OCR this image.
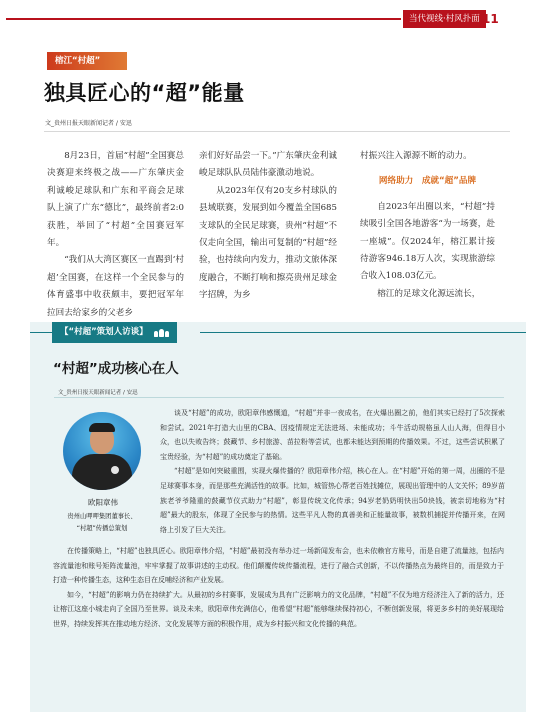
当代视线·村风扑面 11
榕江“村超”
独具匠心的“超”能量
文_贵州日报天眼新闻记者 / 安迅

8月23日，首届“村超”全国赛总决赛迎来终极之战——广东肇庆金利诚峻足球队和广东和平商会足球队上演了广东“德比”，最终前者2:0获胜，举回了“村超”全国赛冠军年。

“我们从大湾区赛区一直踢到‘村超’全国赛，在这样一个全民参与的体育盛事中收获颇丰，要把冠军年拉回去给家乡的父老乡

亲们好好品尝一下。”广东肇庆金利诚峻足球队队员陆伟豪激动地说。

从2023年仅有20支乡村球队的县域联赛，发展到如今覆盖全国685支球队的全民足球赛，贵州“村超”不仅走向全国，输出可复制的“村超”经验，也持续向内发力，推动文旅体深度融合，不断打响和擦亮贵州足球金字招牌，为乡

村振兴注入源源不断的动力。

网络助力　成就“超”品牌

自2023年出圈以来，“村超”持续吸引全国各地游客“为一场赛，赴一座城”。仅2024年，榕江累计接待游客946.18万人次，实现旅游综合收入108.03亿元。

榕江的足球文化源远流长，

【“村超”策划人访谈】
“村超”成功核心在人
文_贵州日报天眼新闻记者 / 安迅
欧阳章伟
贵州山呷呷集团董事长、
“村超”传播总策划

谈及“村超”的成功，欧阳章伟感慨道，“村超”并非一夜成名，在火爆出圈之前，他们其实已经打了5次探索和尝试。2021年打造大山里的CBA、因疫情规定无法进场、未能成功；斗牛活动规格虽人山人海，但得目小众，也以失败告终；鼓藏节、乡村旅游、苗拉粉等尝试，也都未能达到预期的传播效果。不过，这些尝试积累了宝贵经验，为“村超”的成功奠定了基础。

“村超”是如何突破重围，实现火爆传播的？欧阳章伟介绍，核心在人。在“村超”开始的第一周，出圈的不是足球赛事本身，而是那些充满活性的故事。比如，城管热心帮老百姓找摊位，展现出管理中的人文关怀；89岁苗族老爷爷隆重的鼓藏节仪式助力“村超”，彰显传统文化传承；94岁老奶奶明快出50块钱，被亲切地称为“村超”最大的股东，体现了全民参与的热情。这些平凡人物的真善美和正能量故事，被数机捕捉并传播开来，在网络上引发了巨大关注。

在传播策略上，“村超”也独具匠心。欧阳章伟介绍，“村超”最初没有举办过一场新闻发布会，也未依赖官方账号，而是自建了流量池，包括内容流量池和账号矩阵流量池，牢牢掌握了故事讲述的主动权。他们颠覆传统传播流程，进行了融合式创新，不以传播热点为最终目的，而是致力于打造一种传播生态，这种生态目在反哺经济和产业发展。

如今，“村超”的影响力仍在持续扩大。从最初的乡村赛事，发展成为具有广泛影响力的文化品牌，“村超”不仅为地方经济注入了新的活力，还让榕江这座小城走向了全国乃至世界。谈及未来，欧阳章伟充满信心，他希望“村超”能够继续保持初心，不断创新发展，将更多乡村的美好展现给世界，持续发挥其在推动地方经济、文化发展等方面的积极作用，成为乡村振兴和文化传播的典范。
